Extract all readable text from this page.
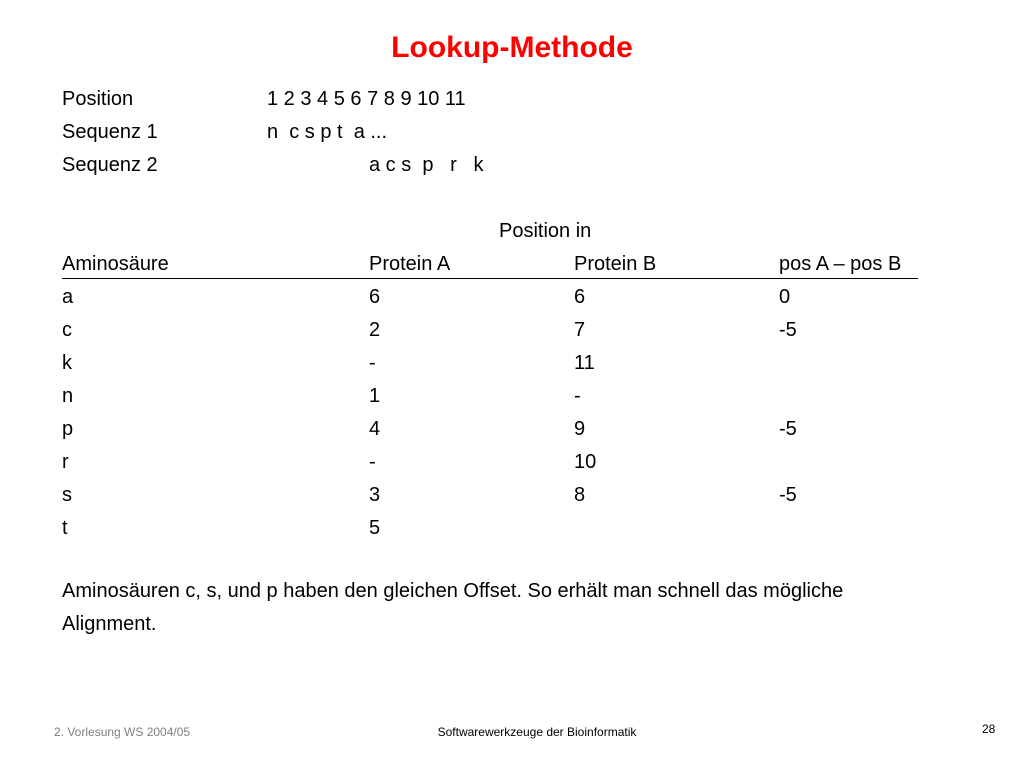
Lookup-Methode
Position	1 2 3 4 5 6 7 8 9 10 11
Sequenz 1	n  c s p t  a ...
Sequenz 2	a c s  p   r   k
Position in
Aminosäure	Protein A	Protein B	pos A – pos B
a	6	6	0
c	2	7	-5
k	-	11
n	1	-
p	4	9	-5
r	-	10
s	3	8	-5
t	5
Aminosäuren c, s, und p haben den gleichen Offset. So erhält man schnell das mögliche
Alignment.
2. Vorlesung WS 2004/05	Softwarewerkzeuge der Bioinformatik	28
